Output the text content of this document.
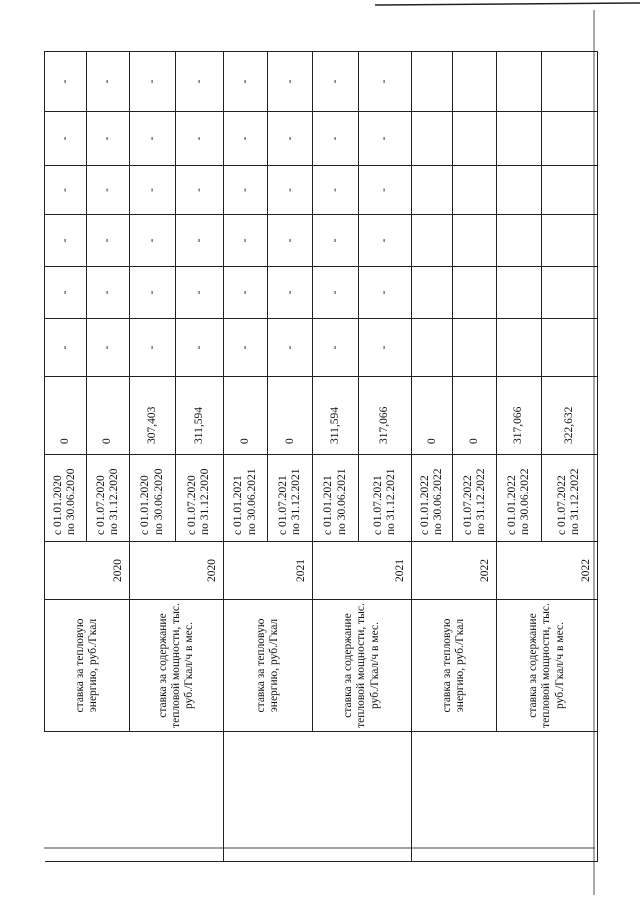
	ставка за тепловую энергию, руб./Гкал	2020	с 01.01.2020 по 30.06.2020	0	-	-	-	-	-	-

			с 01.07.2020 по 31.12.2020	0	-	-	-	-	-	-
	ставка за содержание тепловой мощности, тыс. руб./Гкал/ч в мес.	2020	с 01.01.2020 по 30.06.2020	307,403	-	-	-	-	-	-

			с 01.07.2020 по 31.12.2020	311,594	-	-	-	-	-	-
	ставка за тепловую энергию, руб./Гкал	2021	с 01.01.2021 по 30.06.2021	0	-	-	-	-	-	-

			с 01.07.2021 по 31.12.2021	0	-	-	-	-	-	-
	ставка за содержание тепловой мощности, тыс. руб./Гкал/ч в мес.	2021	с 01.01.2021 по 30.06.2021	311,594	-	-	-	-	-	-

			с 01.07.2021 по 31.12.2021	317,066	-	-	-	-	-	-
	ставка за тепловую энергию, руб./Гкал	2022	с 01.01.2022 по 30.06.2022	0						

			с 01.07.2022 по 31.12.2022	0						
	ставка за содержание тепловой мощности, тыс. руб./Гкал/ч в мес.	2022	с 01.01.2022 по 30.06.2022	317,066						

			с 01.07.2022 по 31.12.2022	322,632						
